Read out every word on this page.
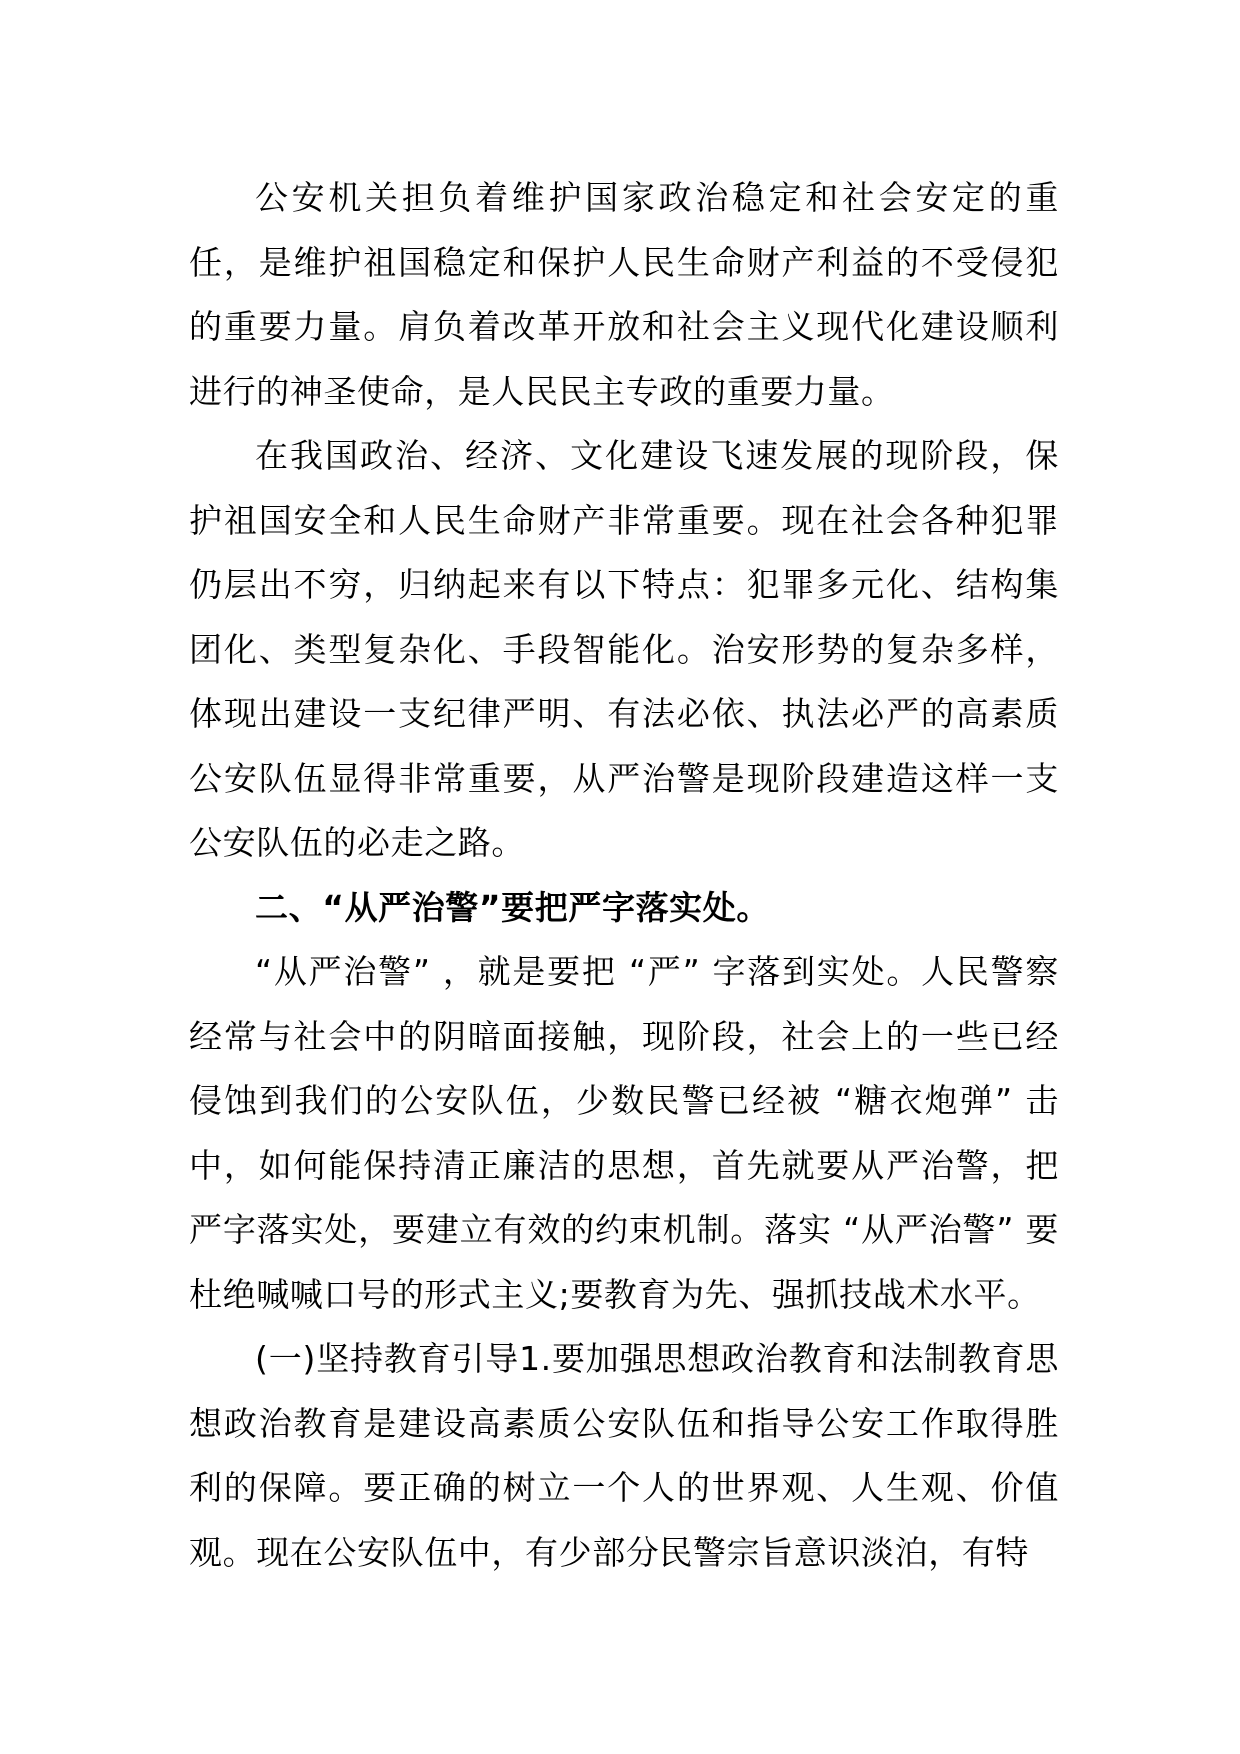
公安机关担负着维护国家政治稳定和社会安定的重任，是维护祖国稳定和保护人民生命财产利益的不受侵犯的重要力量。肩负着改革开放和社会主义现代化建设顺利进行的神圣使命，是人民民主专政的重要力量。

在我国政治、经济、文化建设飞速发展的现阶段，保护祖国安全和人民生命财产非常重要。现在社会各种犯罪仍层出不穷，归纳起来有以下特点：犯罪多元化、结构集团化、类型复杂化、手段智能化。治安形势的复杂多样，体现出建设一支纪律严明、有法必依、执法必严的高素质公安队伍显得非常重要，从严治警是现阶段建造这样一支公安队伍的必走之路。

二、“从严治警”要把严字落实处。

“从严治警” ，就是要把 “严” 字落到实处。人民警察经常与社会中的阴暗面接触，现阶段，社会上的一些已经侵蚀到我们的公安队伍，少数民警已经被 “糖衣炮弹” 击中，如何能保持清正廉洁的思想，首先就要从严治警，把严字落实处，要建立有效的约束机制。落实 “从严治警” 要杜绝喊喊口号的形式主义;要教育为先、强抓技战术水平。

(一)坚持教育引导1.要加强思想政治教育和法制教育思想政治教育是建设高素质公安队伍和指导公安工作取得胜利的保障。要正确的树立一个人的世界观、人生观、价值观。现在公安队伍中，有少部分民警宗旨意识淡泊，有特
